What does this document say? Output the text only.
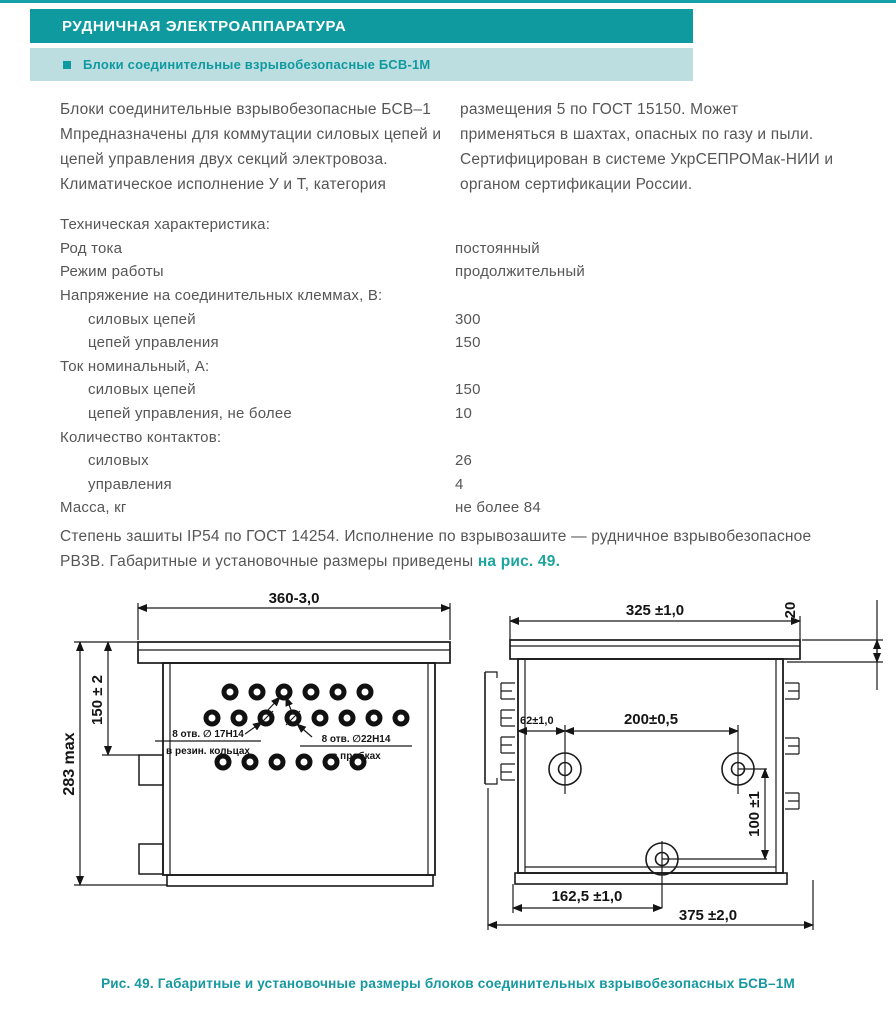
РУДНИЧНАЯ ЭЛЕКТРОАППАРАТУРА
Блоки соединительные взрывобезопасные БСВ-1М

Блоки соединительные взрывобезопасные БСВ–1 Мпредназначены для коммутации силовых цепей и цепей управления двух секций электровоза. Климатическое исполнение У и Т, категория

размещения 5 по ГОСТ 15150. Может применяться в шахтах, опасных по газу и пыли. Сертифицирован в системе УкрСЕПРОМак-НИИ и органом сертификации России.

Техническая характеристика:
Род тока	постоянный
Режим работы	продолжительный
Напряжение на соединительных клеммах, В:
силовых цепей	300
цепей управления	150
Ток номинальный, А:
силовых цепей	150
цепей управления, не более	10
Количество контактов:
силовых	26
управления	4
Масса, кг	не более 84
Степень зашиты IP54 по ГОСТ 14254. Исполнение по взрывозашите — рудничное взрывобезопасное РВ3В. Габаритные и установочные размеры приведены на рис. 49.
360-3,0
150 ± 2
283 max	8 отв. ∅ 17H14
в резин. кольцах
8 отв. ∅22H14
в пробках
325 ±1,0	20
62±1,0	200±0,5
100 ±1
162,5 ±1,0
375 ±2,0
Рис. 49. Габаритные и установочные размеры блоков соединительных взрывобезопасных БСВ–1М
